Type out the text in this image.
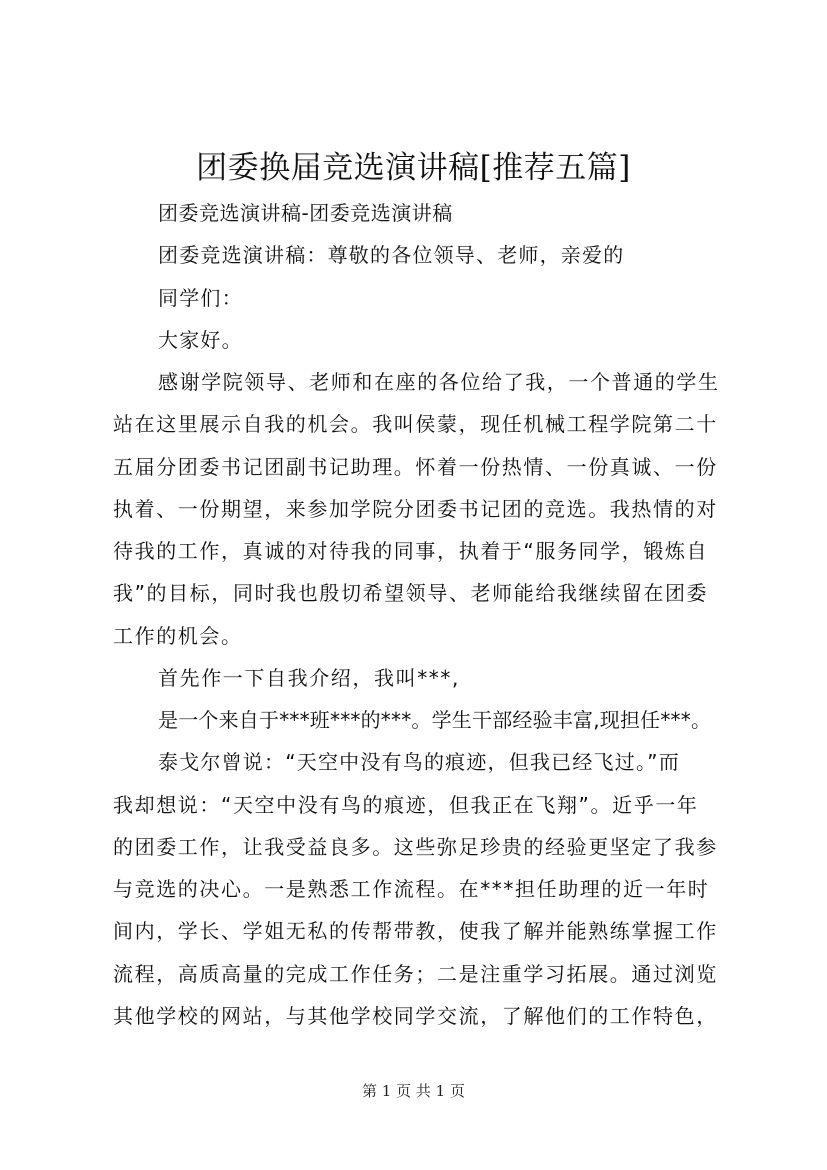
团委换届竞选演讲稿[推荐五篇]

团委竞选演讲稿-团委竞选演讲稿

团委竞选演讲稿：尊敬的各位领导、老师，亲爱的

同学们：

大家好。

感谢学院领导、老师和在座的各位给了我，一个普通的学生

站在这里展示自我的机会。我叫侯蒙，现任机械工程学院第二十

五届分团委书记团副书记助理。怀着一份热情、一份真诚、一份

执着、一份期望，来参加学院分团委书记团的竞选。我热情的对

待我的工作，真诚的对待我的同事，执着于“服务同学，锻炼自

我”的目标，同时我也殷切希望领导、老师能给我继续留在团委

工作的机会。

首先作一下自我介绍，我叫***,

是一个来自于***班***的***。学生干部经验丰富,现担任***。

泰戈尔曾说：“天空中没有鸟的痕迹，但我已经飞过。”而

我却想说：“天空中没有鸟的痕迹，但我正在飞翔”。近乎一年

的团委工作，让我受益良多。这些弥足珍贵的经验更坚定了我参

与竞选的决心。一是熟悉工作流程。在***担任助理的近一年时

间内，学长、学姐无私的传帮带教，使我了解并能熟练掌握工作

流程，高质高量的完成工作任务；二是注重学习拓展。通过浏览

其他学校的网站，与其他学校同学交流，了解他们的工作特色，

第 1 页 共 1 页
